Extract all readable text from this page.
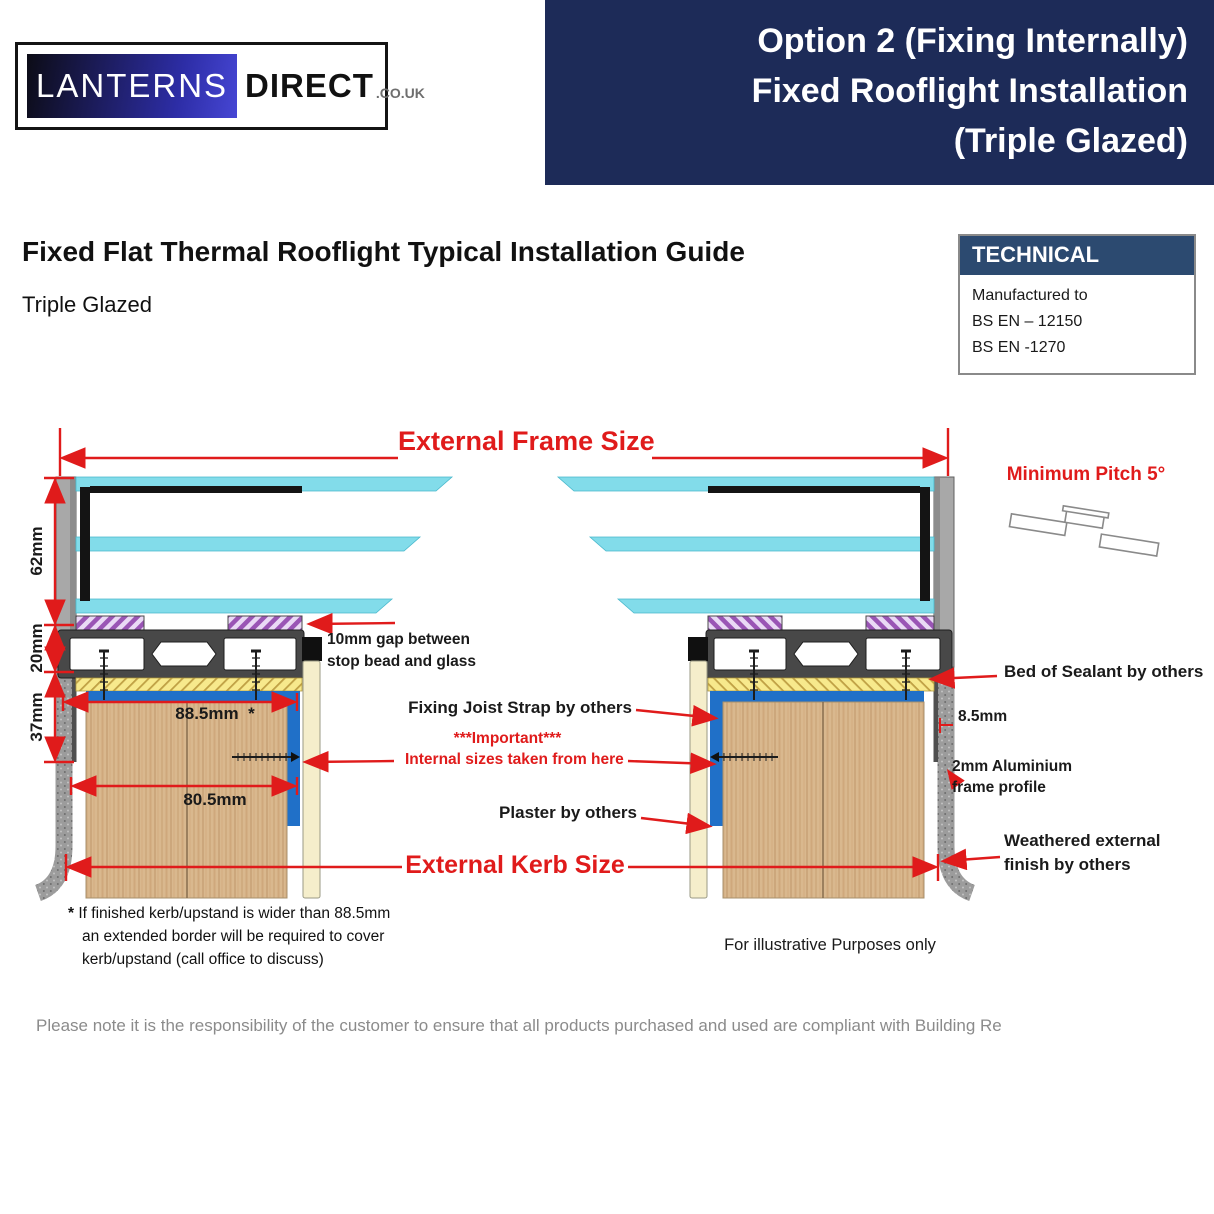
LANTERNS DIRECT .CO.UK
Option 2 (Fixing Internally)
Fixed Rooflight Installation
(Triple Glazed)
Fixed Flat Thermal Rooflight Typical Installation Guide
Triple Glazed
TECHNICAL
Manufactured to
BS EN – 12150
BS EN -1270
External Frame Size
Minimum Pitch 5°
62mm
20mm
37mm
10mm gap between
stop bead and glass
88.5mm *
80.5mm
Fixing Joist Strap by others
***Important***
Internal sizes taken from here
Plaster by others
External Kerb Size
Bed of Sealant by others
8.5mm
2mm Aluminium
frame profile
Weathered external
finish by others
* If finished kerb/upstand is wider than 88.5mm
an extended border will be required to cover
kerb/upstand (call office to discuss)
For illustrative Purposes only
Please note it is the responsibility of the customer to ensure that all products purchased and used are compliant with Building Re
